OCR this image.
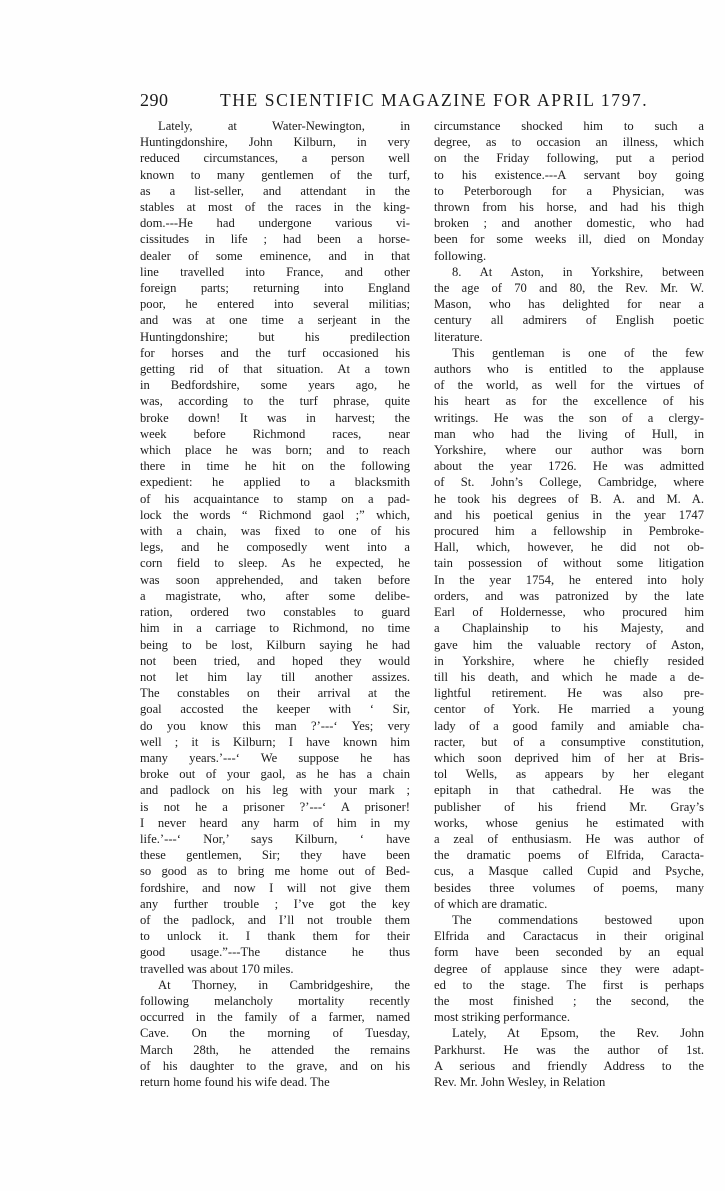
290	THE SCIENTIFIC MAGAZINE FOR APRIL 1797.
Lately, at Water-Newington, in
Huntingdonshire, John Kilburn, in very
reduced circumstances, a person well
known to many gentlemen of the turf,
as a list-seller, and attendant in the
stables at most of the races in the king-
dom.---He had undergone various vi-
cissitudes in life ; had been a horse-
dealer of some eminence, and in that
line travelled into France, and other
foreign parts; returning into England
poor, he entered into several militias;
and was at one time a serjeant in the
Huntingdonshire; but his predilection
for horses and the turf occasioned his
getting rid of that situation. At a town
in Bedfordshire, some years ago, he
was, according to the turf phrase, quite
broke down! It was in harvest; the
week before Richmond races, near
which place he was born; and to reach
there in time he hit on the following
expedient: he applied to a blacksmith
of his acquaintance to stamp on a pad-
lock the words “ Richmond gaol ;” which,
with a chain, was fixed to one of his
legs, and he composedly went into a
corn field to sleep. As he expected, he
was soon apprehended, and taken before
a magistrate, who, after some delibe-
ration, ordered two constables to guard
him in a carriage to Richmond, no time
being to be lost, Kilburn saying he had
not been tried, and hoped they would
not let him lay till another assizes.
The constables on their arrival at the
goal accosted the keeper with ‘ Sir,
do you know this man ?’---‘ Yes; very
well ; it is Kilburn; I have known him
many years.’---‘ We suppose he has
broke out of your gaol, as he has a chain
and padlock on his leg with your mark ;
is not he a prisoner ?’---‘ A prisoner!
I never heard any harm of him in my
life.’---‘ Nor,’ says Kilburn, ‘ have
these gentlemen, Sir; they have been
so good as to bring me home out of Bed-
fordshire, and now I will not give them
any further trouble ; I’ve got the key
of the padlock, and I’ll not trouble them
to unlock it. I thank them for their
good usage.”---The distance he thus
travelled was about 170 miles.
At Thorney, in Cambridgeshire, the
following melancholy mortality recently
occurred in the family of a farmer, named
Cave. On the morning of Tuesday,
March 28th, he attended the remains
of his daughter to the grave, and on his
return home found his wife dead. The
circumstance shocked him to such a
degree, as to occasion an illness, which
on the Friday following, put a period
to his existence.---A servant boy going
to Peterborough for a Physician, was
thrown from his horse, and had his thigh
broken ; and another domestic, who had
been for some weeks ill, died on Monday
following.
8. At Aston, in Yorkshire, between
the age of 70 and 80, the Rev. Mr. W.
Mason, who has delighted for near a
century all admirers of English poetic
literature.
This gentleman is one of the few
authors who is entitled to the applause
of the world, as well for the virtues of
his heart as for the excellence of his
writings. He was the son of a clergy-
man who had the living of Hull, in
Yorkshire, where our author was born
about the year 1726. He was admitted
of St. John’s College, Cambridge, where
he took his degrees of B. A. and M. A.
and his poetical genius in the year 1747
procured him a fellowship in Pembroke-
Hall, which, however, he did not ob-
tain possession of without some litigation
In the year 1754, he entered into holy
orders, and was patronized by the late
Earl of Holdernesse, who procured him
a Chaplainship to his Majesty, and
gave him the valuable rectory of Aston,
in Yorkshire, where he chiefly resided
till his death, and which he made a de-
lightful retirement. He was also pre-
centor of York. He married a young
lady of a good family and amiable cha-
racter, but of a consumptive constitution,
which soon deprived him of her at Bris-
tol Wells, as appears by her elegant
epitaph in that cathedral. He was the
publisher of his friend Mr. Gray’s
works, whose genius he estimated with
a zeal of enthusiasm. He was author of
the dramatic poems of Elfrida, Caracta-
cus, a Masque called Cupid and Psyche,
besides three volumes of poems, many
of which are dramatic.
The commendations bestowed upon
Elfrida and Caractacus in their original
form have been seconded by an equal
degree of applause since they were adapt-
ed to the stage. The first is perhaps
the most finished ; the second, the
most striking performance.
Lately, At Epsom, the Rev. John
Parkhurst. He was the author of 1st.
A serious and friendly Address to the
Rev. Mr. John Wesley, in Relation
